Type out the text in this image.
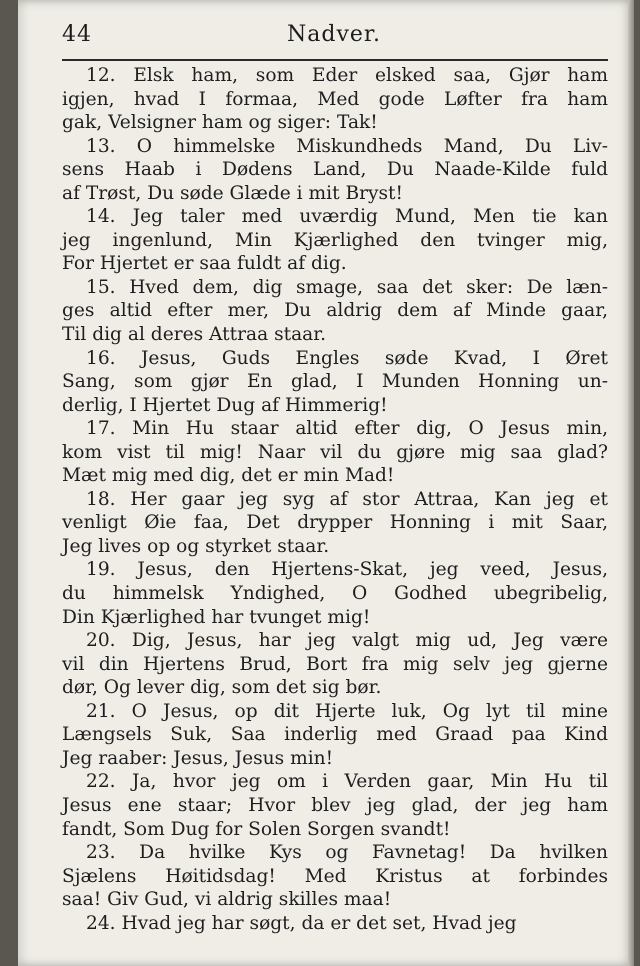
44	Nadver.
12. Elsk ham, som Eder elsked saa, Gjør ham
igjen, hvad I formaa, Med gode Løfter fra ham
gak, Velsigner ham og siger: Tak!
13. O himmelske Miskundheds Mand, Du Liv-
sens Haab i Dødens Land, Du Naade-Kilde fuld
af Trøst, Du søde Glæde i mit Bryst!
14. Jeg taler med uværdig Mund, Men tie kan
jeg ingenlund, Min Kjærlighed den tvinger mig,
For Hjertet er saa fuldt af dig.
15. Hved dem, dig smage, saa det sker: De læn-
ges altid efter mer, Du aldrig dem af Minde gaar,
Til dig al deres Attraa staar.
16. Jesus, Guds Engles søde Kvad, I Øret
Sang, som gjør En glad, I Munden Honning un-
derlig, I Hjertet Dug af Himmerig!
17. Min Hu staar altid efter dig, O Jesus min,
kom vist til mig! Naar vil du gjøre mig saa glad?
Mæt mig med dig, det er min Mad!
18. Her gaar jeg syg af stor Attraa, Kan jeg et
venligt Øie faa, Det drypper Honning i mit Saar,
Jeg lives op og styrket staar.
19. Jesus, den Hjertens-Skat, jeg veed, Jesus,
du himmelsk Yndighed, O Godhed ubegribelig,
Din Kjærlighed har tvunget mig!
20. Dig, Jesus, har jeg valgt mig ud, Jeg være
vil din Hjertens Brud, Bort fra mig selv jeg gjerne
dør, Og lever dig, som det sig bør.
21. O Jesus, op dit Hjerte luk, Og lyt til mine
Længsels Suk, Saa inderlig med Graad paa Kind
Jeg raaber: Jesus, Jesus min!
22. Ja, hvor jeg om i Verden gaar, Min Hu til
Jesus ene staar; Hvor blev jeg glad, der jeg ham
fandt, Som Dug for Solen Sorgen svandt!
23. Da hvilke Kys og Favnetag! Da hvilken
Sjælens Høitidsdag! Med Kristus at forbindes
saa! Giv Gud, vi aldrig skilles maa!
24. Hvad jeg har søgt, da er det set, Hvad jeg
